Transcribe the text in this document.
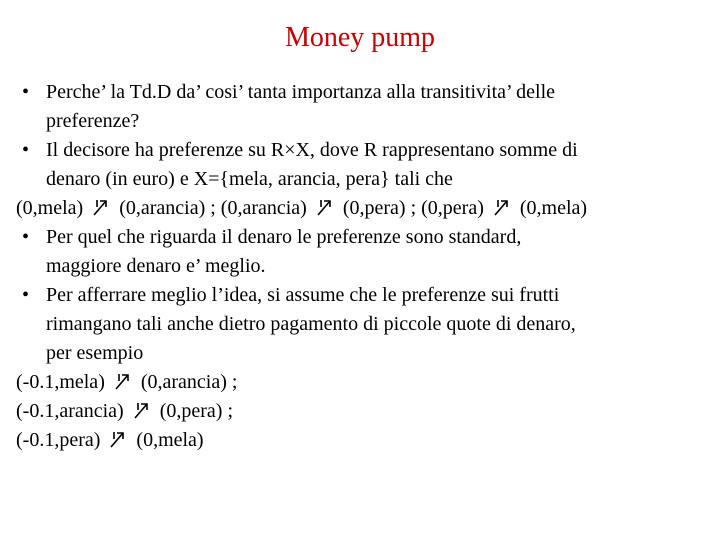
Money pump
• Perche’ la Td.D da’ cosi’ tanta importanza alla transitivita’ delle
preferenze?
• Il decisore ha preferenze su R×X, dove R rappresentano somme di
denaro (in euro) e X={mela, arancia, pera} tali che
(0,mela) (0,arancia) ; (0,arancia) (0,pera) ; (0,pera) (0,mela)
• Per quel che riguarda il denaro le preferenze sono standard,
maggiore denaro e’ meglio.
• Per afferrare meglio l’idea, si assume che le preferenze sui frutti
rimangano tali anche dietro pagamento di piccole quote di denaro,
per esempio
(-0.1,mela) (0,arancia) ;
(-0.1,arancia) (0,pera) ;
(-0.1,pera) (0,mela)
